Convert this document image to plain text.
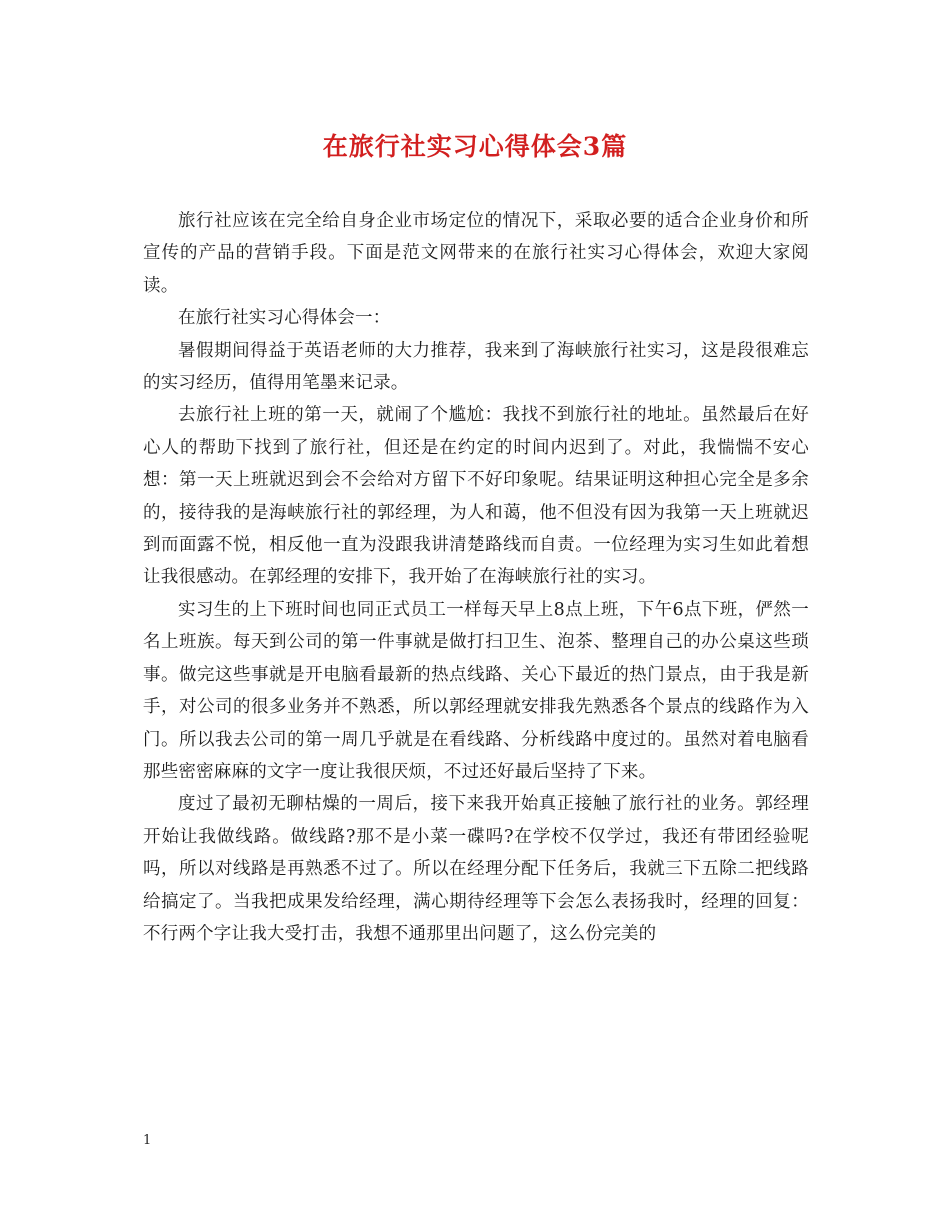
在旅行社实习心得体会3篇

旅行社应该在完全给自身企业市场定位的情况下，采取必要的适合企业身价和所宣传的产品的营销手段。下面是范文网带来的在旅行社实习心得体会，欢迎大家阅读。

在旅行社实习心得体会一：

暑假期间得益于英语老师的大力推荐，我来到了海峡旅行社实习，这是段很难忘的实习经历，值得用笔墨来记录。

去旅行社上班的第一天，就闹了个尴尬：我找不到旅行社的地址。虽然最后在好心人的帮助下找到了旅行社，但还是在约定的时间内迟到了。对此，我惴惴不安心想：第一天上班就迟到会不会给对方留下不好印象呢。结果证明这种担心完全是多余的，接待我的是海峡旅行社的郭经理，为人和蔼，他不但没有因为我第一天上班就迟到而面露不悦，相反他一直为没跟我讲清楚路线而自责。一位经理为实习生如此着想让我很感动。在郭经理的安排下，我开始了在海峡旅行社的实习。

实习生的上下班时间也同正式员工一样每天早上8点上班，下午6点下班，俨然一名上班族。每天到公司的第一件事就是做打扫卫生、泡茶、整理自己的办公桌这些琐事。做完这些事就是开电脑看最新的热点线路、关心下最近的热门景点，由于我是新手，对公司的很多业务并不熟悉，所以郭经理就安排我先熟悉各个景点的线路作为入门。所以我去公司的第一周几乎就是在看线路、分析线路中度过的。虽然对着电脑看那些密密麻麻的文字一度让我很厌烦，不过还好最后坚持了下来。

度过了最初无聊枯燥的一周后，接下来我开始真正接触了旅行社的业务。郭经理开始让我做线路。做线路?那不是小菜一碟吗?在学校不仅学过，我还有带团经验呢吗，所以对线路是再熟悉不过了。所以在经理分配下任务后，我就三下五除二把线路给搞定了。当我把成果发给经理，满心期待经理等下会怎么表扬我时，经理的回复：不行两个字让我大受打击，我想不通那里出问题了，这么份完美的

1
